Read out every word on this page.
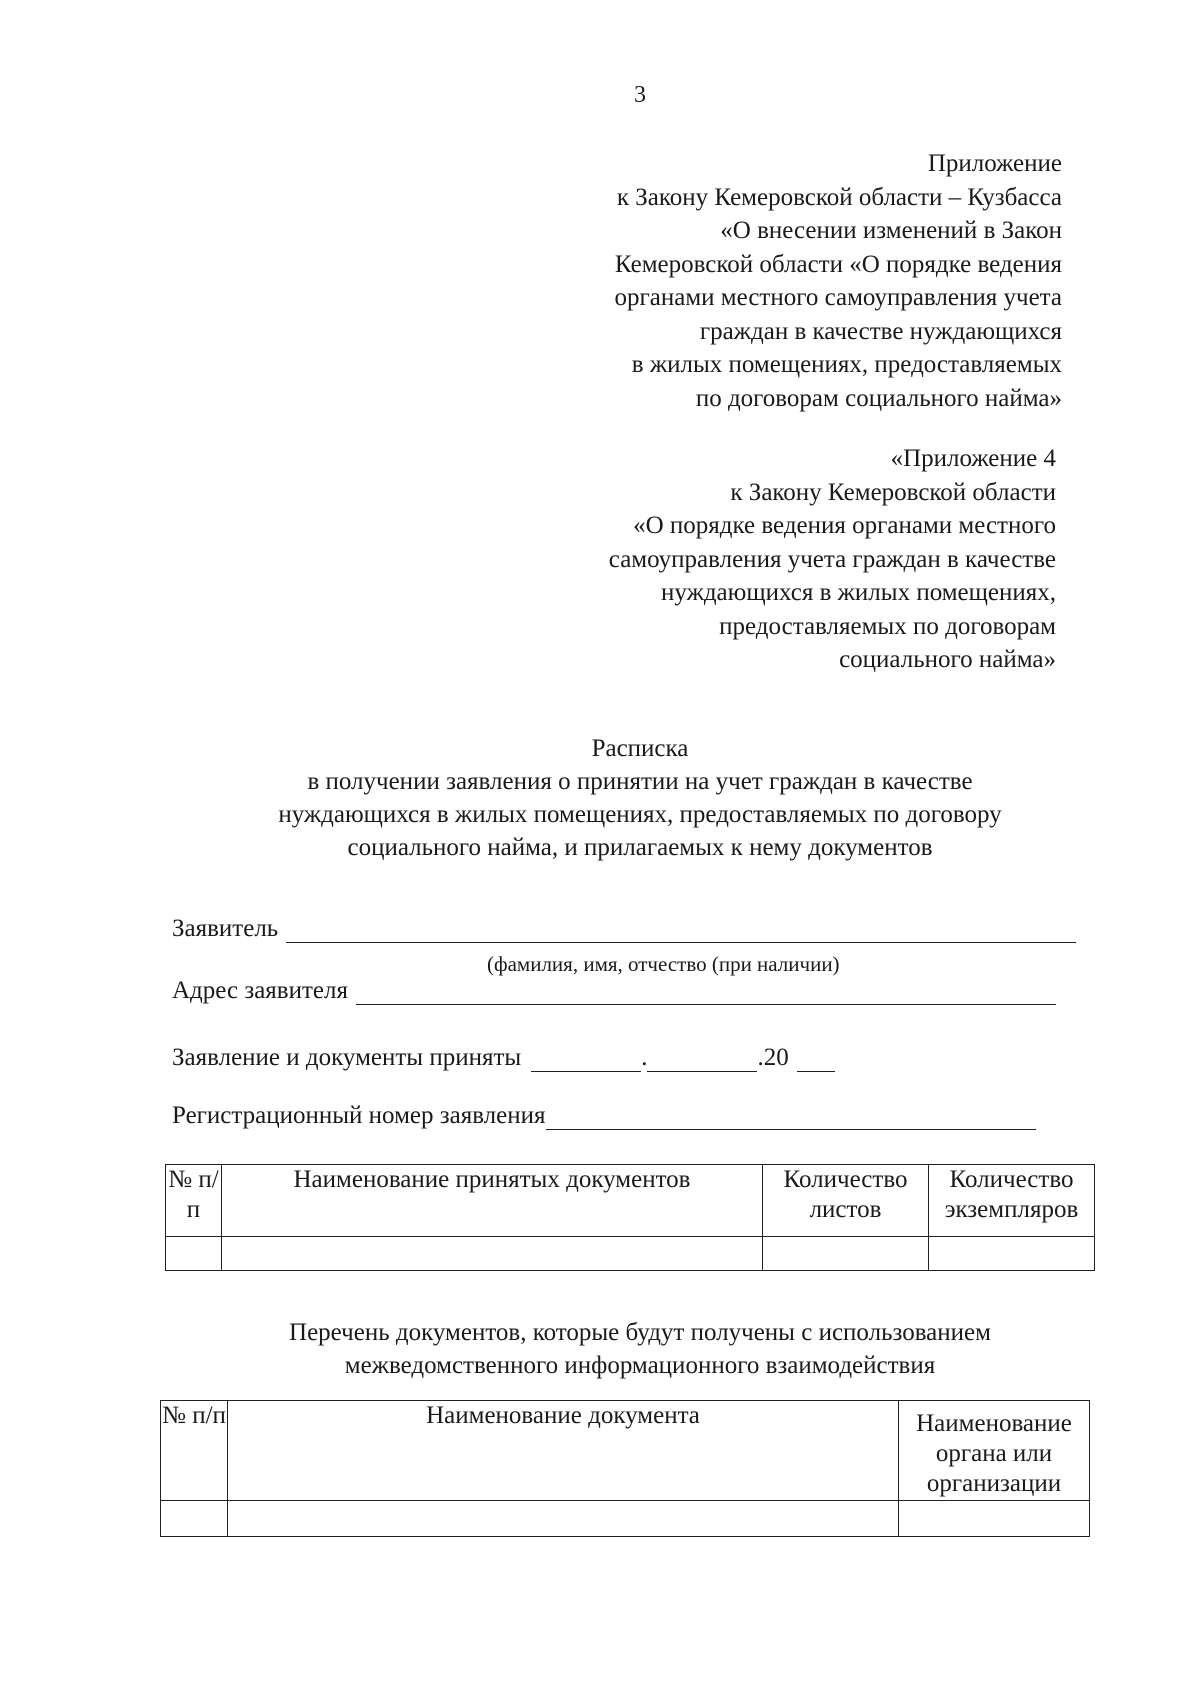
3
Приложение
к Закону Кемеровской области – Кузбасса
«О внесении изменений в Закон
Кемеровской области «О порядке ведения
органами местного самоуправления учета
граждан в качестве нуждающихся
в жилых помещениях, предоставляемых
по договорам социального найма»
«Приложение 4
к Закону Кемеровской области
«О порядке ведения органами местного
самоуправления учета граждан в качестве
нуждающихся в жилых помещениях,
предоставляемых по договорам
социального найма»
Расписка
в получении заявления о принятии на учет граждан в качестве
нуждающихся в жилых помещениях, предоставляемых по договору
социального найма, и прилагаемых к нему документов
Заявитель
(фамилия, имя, отчество (при наличии)
Адрес заявителя
Заявление и документы приняты	.	.20
Регистрационный номер заявления
№ п/п	Наименование принятых документов	Количество листов	Количество экземпляров

Перечень документов, которые будут получены с использованием
межведомственного информационного взаимодействия
№ п/п	Наименование документа	Наименование органа или организации
